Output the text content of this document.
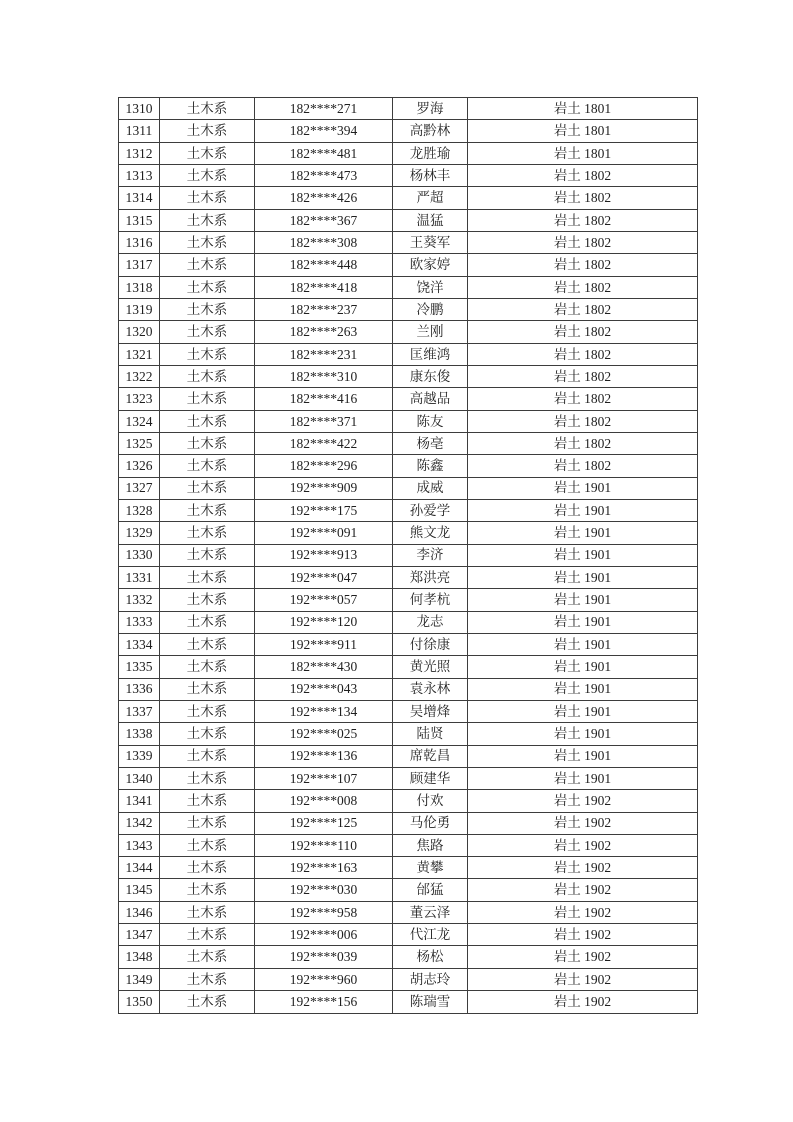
1310	土木系	182****271	罗海	岩土 1801
1311	土木系	182****394	高黔林	岩土 1801
1312	土木系	182****481	龙胜瑜	岩土 1801
1313	土木系	182****473	杨林丰	岩土 1802
1314	土木系	182****426	严超	岩土 1802
1315	土木系	182****367	温猛	岩土 1802
1316	土木系	182****308	王葵军	岩土 1802
1317	土木系	182****448	欧家婷	岩土 1802
1318	土木系	182****418	饶洋	岩土 1802
1319	土木系	182****237	冷鹏	岩土 1802
1320	土木系	182****263	兰刚	岩土 1802
1321	土木系	182****231	匡维鸿	岩土 1802
1322	土木系	182****310	康东俊	岩土 1802
1323	土木系	182****416	高越品	岩土 1802
1324	土木系	182****371	陈友	岩土 1802
1325	土木系	182****422	杨亳	岩土 1802
1326	土木系	182****296	陈鑫	岩土 1802
1327	土木系	192****909	成威	岩土 1901
1328	土木系	192****175	孙爱学	岩土 1901
1329	土木系	192****091	熊文龙	岩土 1901
1330	土木系	192****913	李济	岩土 1901
1331	土木系	192****047	郑洪亮	岩土 1901
1332	土木系	192****057	何孝杭	岩土 1901
1333	土木系	192****120	龙志	岩土 1901
1334	土木系	192****911	付徐康	岩土 1901
1335	土木系	182****430	黄光照	岩土 1901
1336	土木系	192****043	袁永林	岩土 1901
1337	土木系	192****134	吴增烽	岩土 1901
1338	土木系	192****025	陆贤	岩土 1901
1339	土木系	192****136	席乾昌	岩土 1901
1340	土木系	192****107	顾建华	岩土 1901
1341	土木系	192****008	付欢	岩土 1902
1342	土木系	192****125	马伦勇	岩土 1902
1343	土木系	192****110	焦路	岩土 1902
1344	土木系	192****163	黄攀	岩土 1902
1345	土木系	192****030	邰猛	岩土 1902
1346	土木系	192****958	董云泽	岩土 1902
1347	土木系	192****006	代江龙	岩土 1902
1348	土木系	192****039	杨松	岩土 1902
1349	土木系	192****960	胡志玲	岩土 1902
1350	土木系	192****156	陈瑞雪	岩土 1902
